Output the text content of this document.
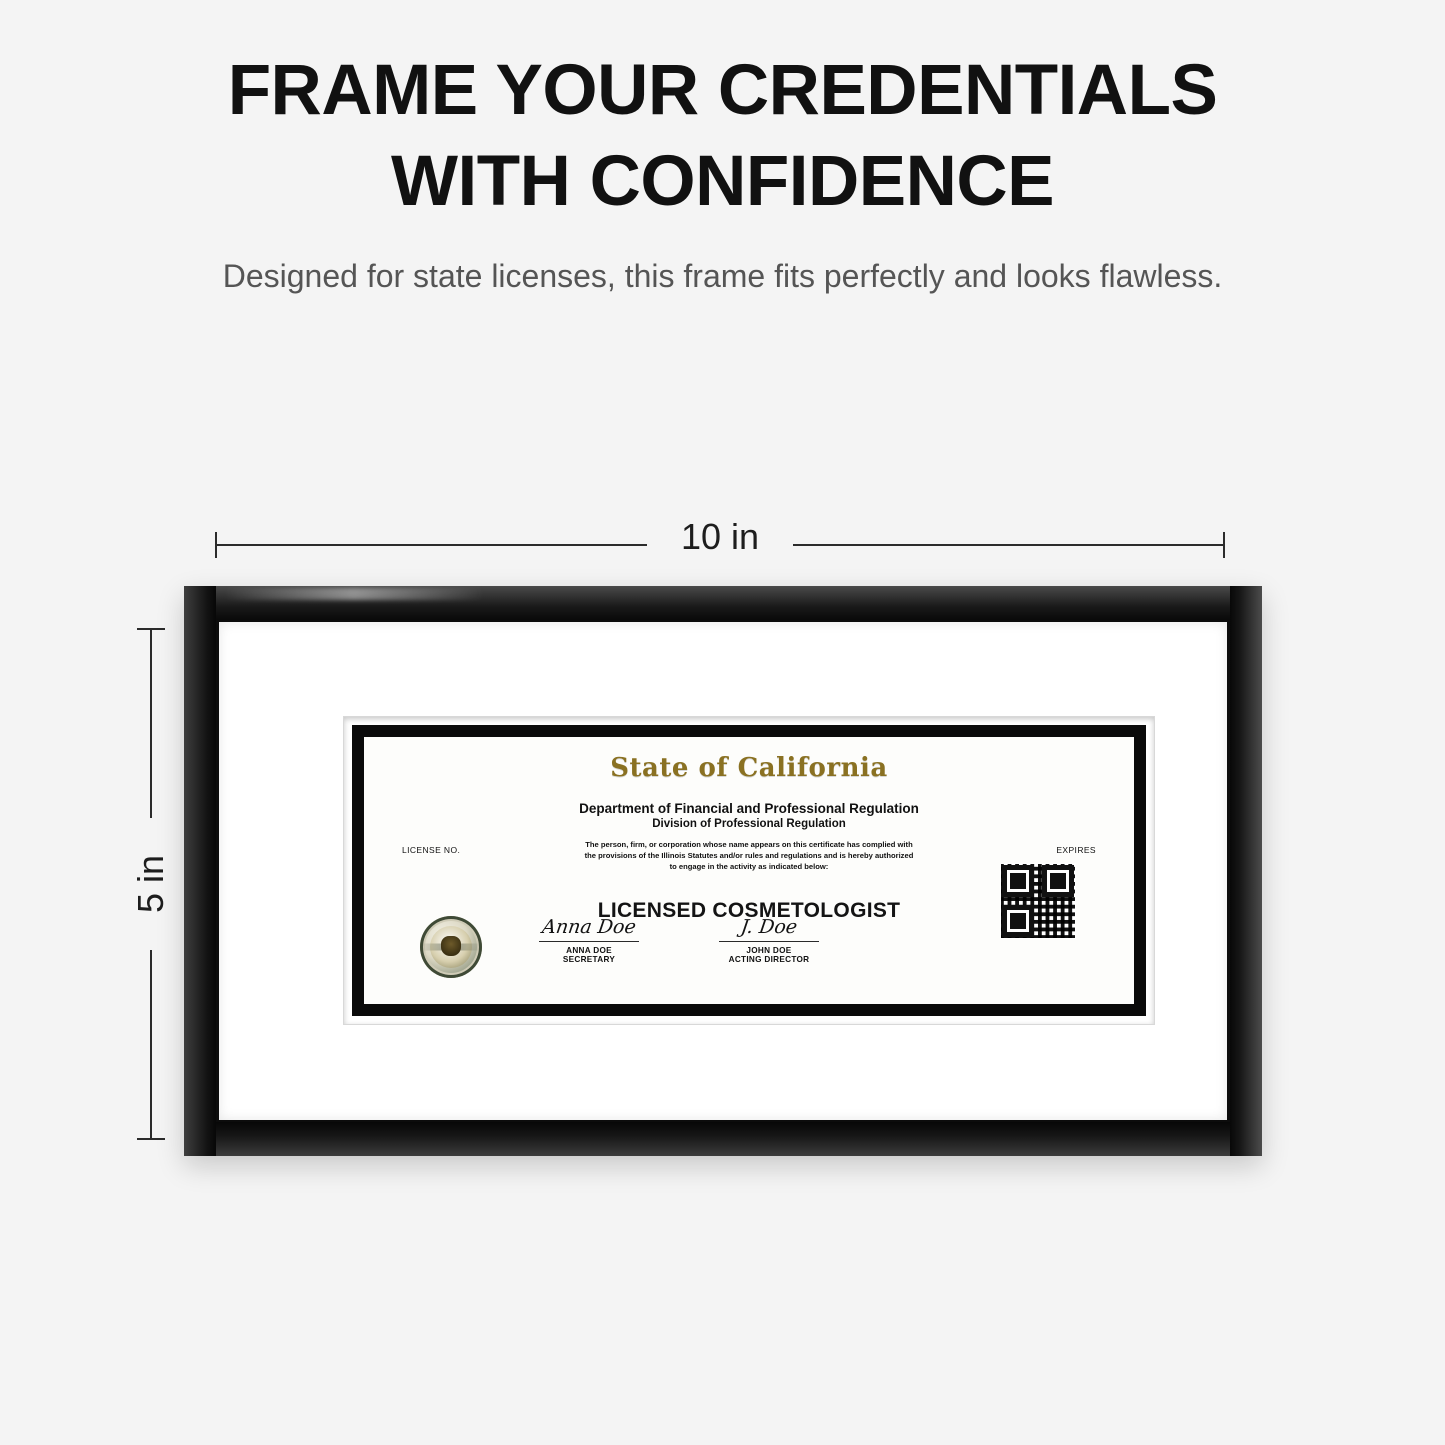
FRAME YOUR CREDENTIALS
WITH CONFIDENCE
Designed for state licenses, this frame fits perfectly and looks flawless.
10 in
5 in
State of California
Department of Financial and Professional Regulation
Division of Professional Regulation
LICENSE NO.	EXPIRES
The person, firm, or corporation whose name appears on this certificate has complied with the provisions of the Illinois Statutes and/or rules and regulations and is hereby authorized to engage in the activity as indicated below:
LICENSED COSMETOLOGIST
Anna Doe
ANNA DOE
SECRETARY
J. Doe
JOHN DOE
ACTING DIRECTOR
